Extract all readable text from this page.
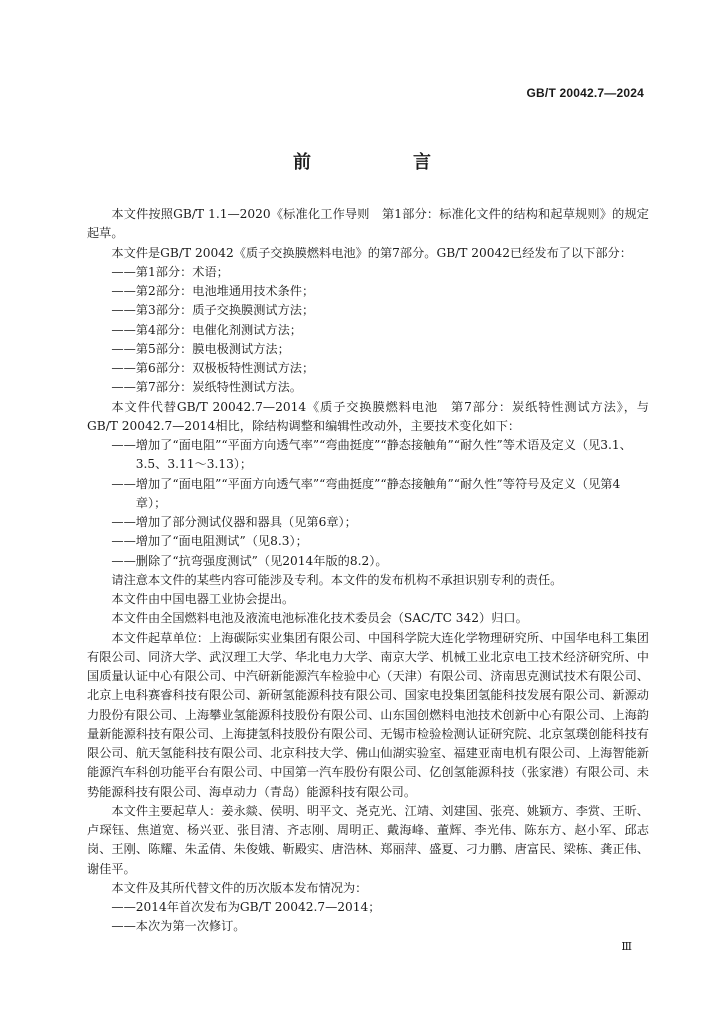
GB/T 20042.7—2024
前　言

本文件按照GB/T 1.1—2020《标准化工作导则　第1部分：标准化文件的结构和起草规则》的规定起草。

本文件是GB/T 20042《质子交换膜燃料电池》的第7部分。GB/T 20042已经发布了以下部分：

——第1部分：术语；

——第2部分：电池堆通用技术条件；

——第3部分：质子交换膜测试方法；

——第4部分：电催化剂测试方法；

——第5部分：膜电极测试方法；

——第6部分：双极板特性测试方法；

——第7部分：炭纸特性测试方法。

本文件代替GB/T 20042.7—2014《质子交换膜燃料电池　第7部分：炭纸特性测试方法》，与GB/T 20042.7—2014相比，除结构调整和编辑性改动外，主要技术变化如下：

——增加了“面电阻”“平面方向透气率”“弯曲挺度”“静态接触角”“耐久性”等术语及定义（见3.1、3.5、3.11～3.13）；

——增加了“面电阻”“平面方向透气率”“弯曲挺度”“静态接触角”“耐久性”等符号及定义（见第4章）；

——增加了部分测试仪器和器具（见第6章）；

——增加了“面电阻测试”（见8.3）；

——删除了“抗弯强度测试”（见2014年版的8.2）。

请注意本文件的某些内容可能涉及专利。本文件的发布机构不承担识别专利的责任。

本文件由中国电器工业协会提出。

本文件由全国燃料电池及液流电池标准化技术委员会（SAC/TC 342）归口。

本文件起草单位：上海碳际实业集团有限公司、中国科学院大连化学物理研究所、中国华电科工集团有限公司、同济大学、武汉理工大学、华北电力大学、南京大学、机械工业北京电工技术经济研究所、中国质量认证中心有限公司、中汽研新能源汽车检验中心（天津）有限公司、济南思克测试技术有限公司、北京上电科赛睿科技有限公司、新研氢能源科技有限公司、国家电投集团氢能科技发展有限公司、新源动力股份有限公司、上海攀业氢能源科技股份有限公司、山东国创燃料电池技术创新中心有限公司、上海韵量新能源科技有限公司、上海捷氢科技股份有限公司、无锡市检验检测认证研究院、北京氢璞创能科技有限公司、航天氢能科技有限公司、北京科技大学、佛山仙湖实验室、福建亚南电机有限公司、上海智能新能源汽车科创功能平台有限公司、中国第一汽车股份有限公司、亿创氢能源科技（张家港）有限公司、未势能源科技有限公司、海卓动力（青岛）能源科技有限公司。

本文件主要起草人：姜永燚、侯明、明平文、尧克光、江靖、刘建国、张亮、姚颖方、李赏、王昕、卢琛钰、焦道宽、杨兴亚、张目清、齐志刚、周明正、戴海峰、董辉、李光伟、陈东方、赵小军、邱志岗、王刚、陈耀、朱孟倩、朱俊娥、靳殿实、唐浩林、郑丽萍、盛夏、刁力鹏、唐富民、梁栋、龚正伟、谢佳平。

本文件及其所代替文件的历次版本发布情况为：

——2014年首次发布为GB/T 20042.7—2014；

——本次为第一次修订。

Ⅲ
